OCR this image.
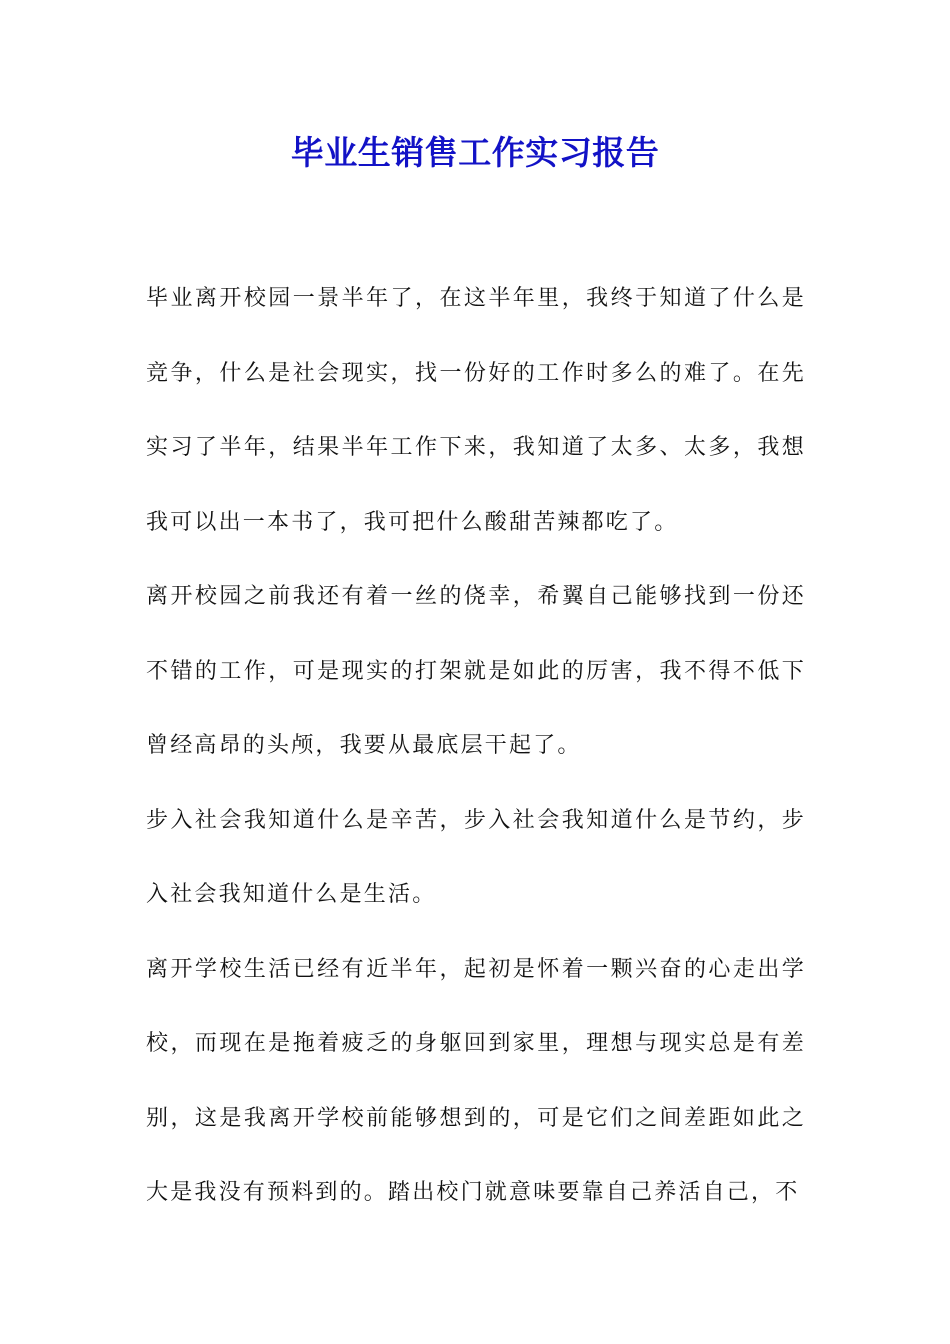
毕业生销售工作实习报告

毕业离开校园一景半年了，在这半年里，我终于知道了什么是竞争，什么是社会现实，找一份好的工作时多么的难了。在先实习了半年，结果半年工作下来，我知道了太多、太多，我想我可以出一本书了，我可把什么酸甜苦辣都吃了。

离开校园之前我还有着一丝的侥幸，希翼自己能够找到一份还不错的工作，可是现实的打架就是如此的厉害，我不得不低下曾经高昂的头颅，我要从最底层干起了。

步入社会我知道什么是辛苦，步入社会我知道什么是节约，步入社会我知道什么是生活。

离开学校生活已经有近半年，起初是怀着一颗兴奋的心走出学校，而现在是拖着疲乏的身躯回到家里，理想与现实总是有差别，这是我离开学校前能够想到的，可是它们之间差距如此之大是我没有预料到的。踏出校门就意味要靠自己养活自己，不
